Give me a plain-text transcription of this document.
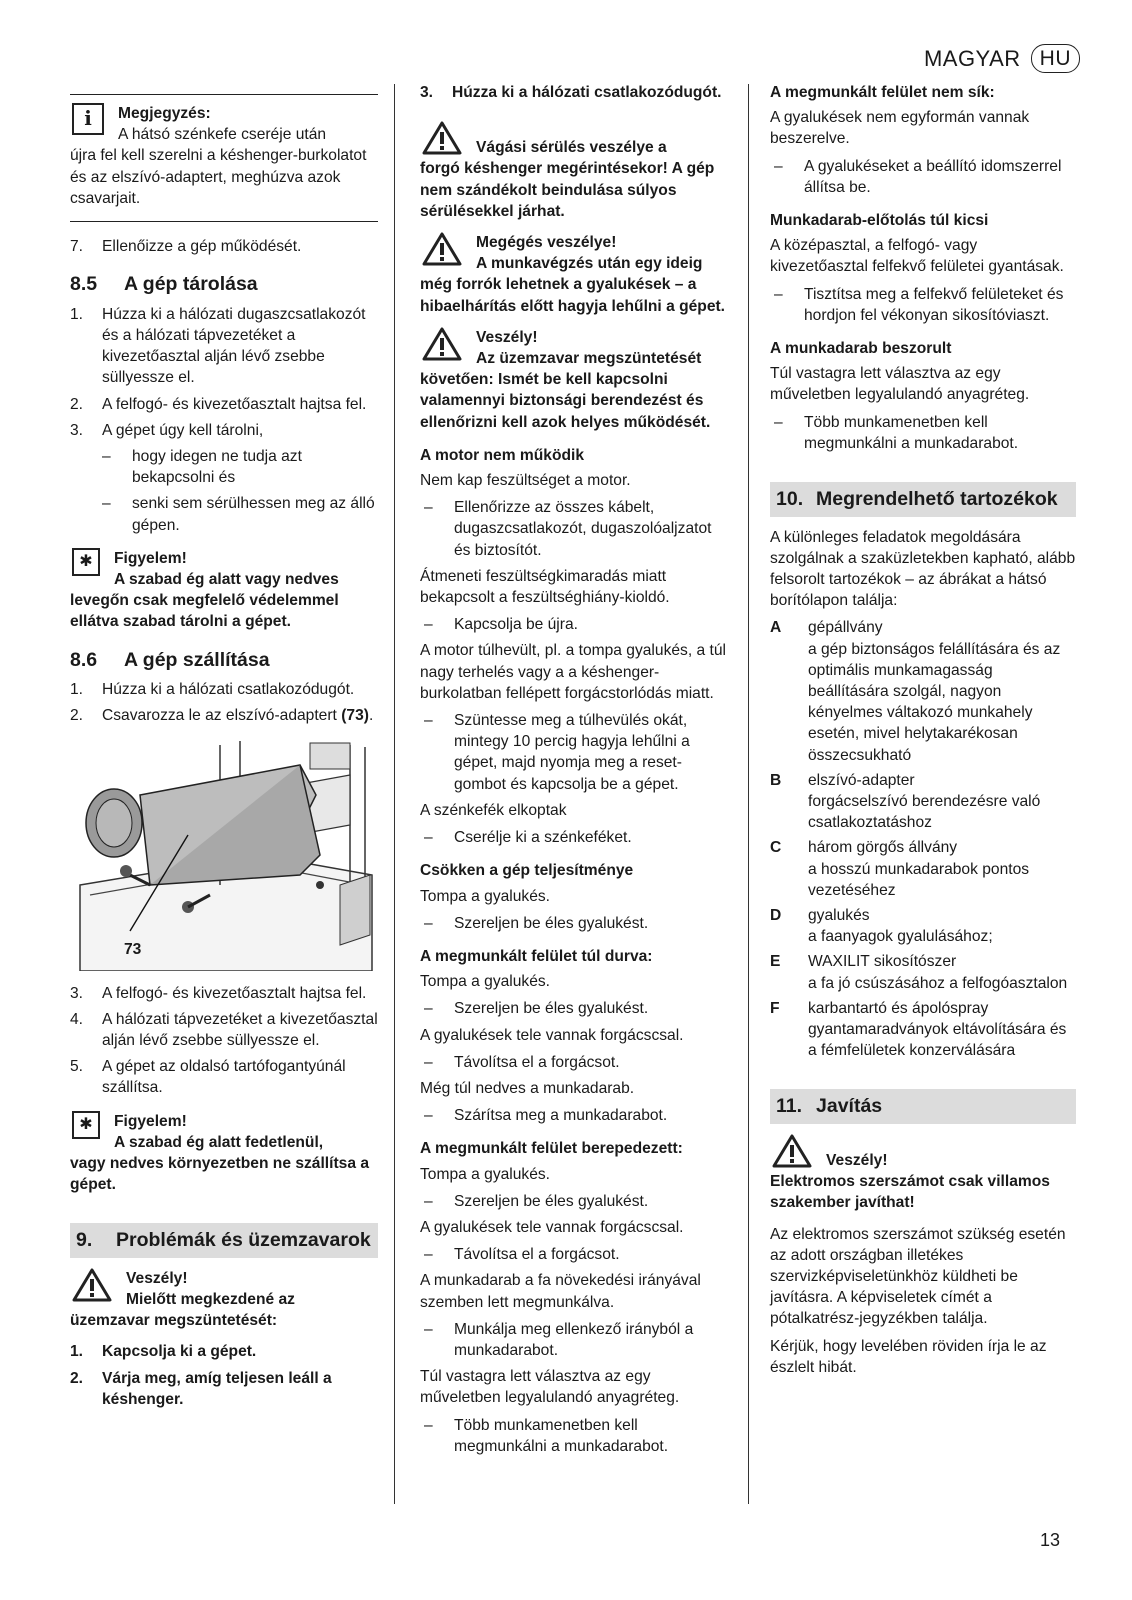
MAGYAR HU
i	Megjegyzés:
A hátsó szénkefe cseréje után
újra fel kell szerelni a késhenger-burkolatot és az elszívó-adaptert, meghúzva azok csavarjait.
7.	Ellenőizze a gép működését.
8.5	A gép tárolása
1.	Húzza ki a hálózati dugaszcsatlakozót és a hálózati tápvezetéket a kivezetőasztal alján lévő zsebbe süllyessze el.
2.	A felfogó- és kivezetőasztalt hajtsa fel.
3.	A gépet úgy kell tárolni,
–	hogy idegen ne tudja azt bekapcsolni és
–	senki sem sérülhessen meg az álló gépen.
✱	Figyelem!
A szabad ég alatt vagy nedves
levegőn csak megfelelő védelemmel ellátva szabad tárolni a gépet.
8.6	A gép szállítása
1.	Húzza ki a hálózati csatlakozódugót.
2.	Csavarozza le az elszívó-adaptert (73).
73
3.	A felfogó- és kivezetőasztalt hajtsa fel.
4.	A hálózati tápvezetéket a kivezetőasztal alján lévő zsebbe süllyessze el.
5.	A gépet az oldalsó tartófogantyúnál szállítsa.
✱	Figyelem!
A szabad ég alatt fedetlenül,
vagy nedves környezetben ne szállítsa a gépet.
9.	Problémák és üzemzavarok
Veszély!
Mielőtt megkezdené az
üzemzavar megszüntetését:
1.	Kapcsolja ki a gépet.
2.	Várja meg, amíg teljesen leáll a késhenger.
3.	Húzza ki a hálózati csatlakozódugót.
Vágási sérülés veszélye a
forgó késhenger megérintésekor! A gép nem szándékolt beindulása súlyos sérülésekkel járhat.
Megégés veszélye!
A munkavégzés után egy ideig
még forrók lehetnek a gyalukések – a hibaelhárítás előtt hagyja lehűlni a gépet.
Veszély!
Az üzemzavar megszüntetését
követően: Ismét be kell kapcsolni valamennyi biztonsági berendezést és ellenőrizni kell azok helyes működését.
A motor nem működik

Nem kap feszültséget a motor.

–	Ellenőrizze az összes kábelt, dugaszcsatlakozót, dugaszolóaljzatot és biztosítót.

Átmeneti feszültségkimaradás miatt bekapcsolt a feszültséghiány-kioldó.

–	Kapcsolja be újra.

A motor túlhevült, pl. a tompa gyalukés, a túl nagy terhelés vagy a a késhenger-burkolatban fellépett forgácstorlódás miatt.

–	Szüntesse meg a túlhevülés okát, mintegy 10 percig hagyja lehűlni a gépet, majd nyomja meg a reset-gombot és kapcsolja be a gépet.

A szénkefék elkoptak

–	Cserélje ki a szénkeféket.
Csökken a gép teljesítménye

Tompa a gyalukés.

–	Szereljen be éles gyalukést.
A megmunkált felület túl durva:

Tompa a gyalukés.

–	Szereljen be éles gyalukést.

A gyalukések tele vannak forgácscsal.

–	Távolítsa el a forgácsot.

Még túl nedves a munkadarab.

–	Szárítsa meg a munkadarabot.
A megmunkált felület berepedezett:

Tompa a gyalukés.

–	Szereljen be éles gyalukést.

A gyalukések tele vannak forgácscsal.

–	Távolítsa el a forgácsot.

A munkadarab a fa növekedési irányával szemben lett megmunkálva.

–	Munkálja meg ellenkező irányból a munkadarabot.

Túl vastagra lett választva az egy műveletben legyalulandó anyagréteg.

–	Több munkamenetben kell megmunkálni a munkadarabot.
A megmunkált felület nem sík:

A gyalukések nem egyformán vannak beszerelve.

–	A gyalukéseket a beállító idomszerrel állítsa be.
Munkadarab-előtolás túl kicsi

A középasztal, a felfogó- vagy kivezetőasztal felfekvő felületei gyantásak.

–	Tisztítsa meg a felfekvő felületeket és hordjon fel vékonyan sikosítóviaszt.
A munkadarab beszorult

Túl vastagra lett választva az egy műveletben legyalulandó anyagréteg.

–	Több munkamenetben kell megmunkálni a munkadarabot.
10. Megrendelhető tartozékok

A különleges feladatok megoldására szolgálnak a szaküzletekben kapható, alább felsorolt tartozékok – az ábrákat a hátsó borítólapon találja:

A	gépállvány
a gép biztonságos felállítására és az optimális munkamagasság beállítására szolgál, nagyon kényelmes váltakozó munkahely esetén, mivel helytakarékosan összecsukható
B	elszívó-adapter
forgácselszívó berendezésre való csatlakoztatáshoz
C	három görgős állvány
a hosszú munkadarabok pontos vezetéséhez
D	gyalukés
a faanyagok gyalulásához;
E	WAXILIT sikosítószer
a fa jó csúszásához a felfogóasztalon
F	karbantartó és ápolóspray
gyantamaradványok eltávolítására és a fémfelületek konzerválására
11. Javítás
Veszély!
Elektromos szerszámot csak villamos szakember javíthat!

Az elektromos szerszámot szükség esetén az adott országban illetékes szervizképviseletünkhöz küldheti be javításra. A képviseletek címét a pótalkatrész-jegyzékben találja.

Kérjük, hogy levelében röviden írja le az észlelt hibát.

13
